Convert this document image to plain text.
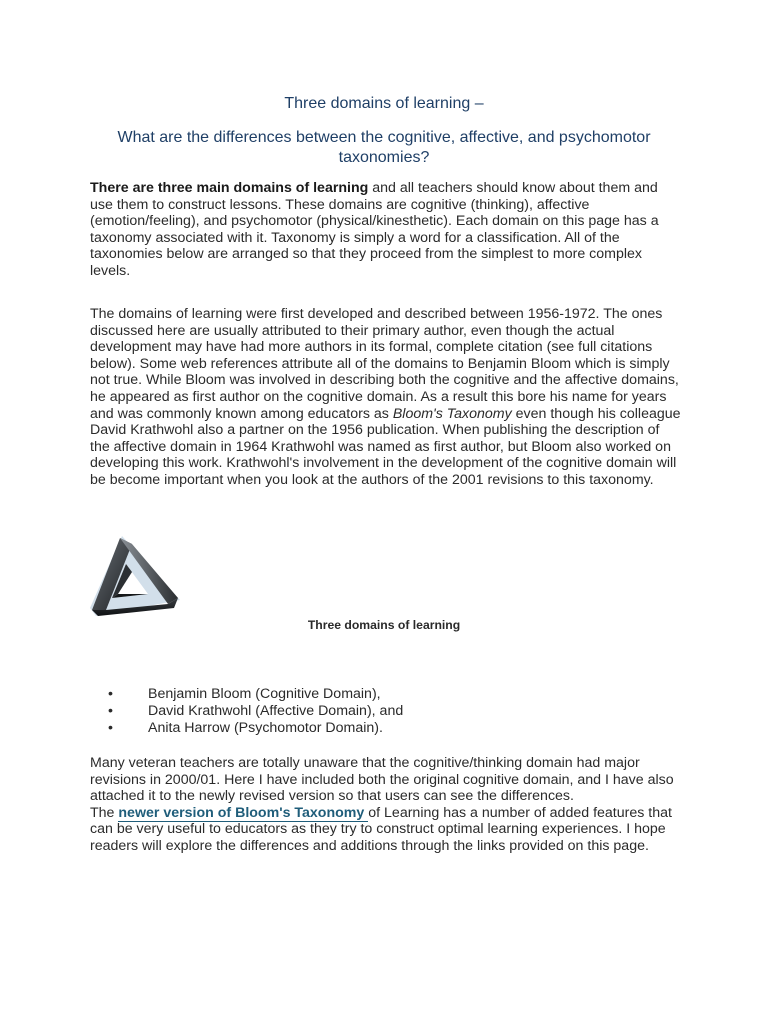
Three domains of learning –
What are the differences between the cognitive, affective, and psychomotor taxonomies?

There are three main domains of learning and all teachers should know about them and use them to construct lessons. These domains are cognitive (thinking), affective (emotion/feeling), and psychomotor (physical/kinesthetic). Each domain on this page has a taxonomy associated with it. Taxonomy is simply a word for a classification. All of the taxonomies below are arranged so that they proceed from the simplest to more complex levels.

The domains of learning were first developed and described between 1956-1972. The ones discussed here are usually attributed to their primary author, even though the actual development may have had more authors in its formal, complete citation (see full citations below). Some web references attribute all of the domains to Benjamin Bloom which is simply not true. While Bloom was involved in describing both the cognitive and the affective domains, he appeared as first author on the cognitive domain. As a result this bore his name for years and was commonly known among educators as Bloom's Taxonomy even though his colleague David Krathwohl also a partner on the 1956 publication. When publishing the description of the affective domain in 1964 Krathwohl was named as first author, but Bloom also worked on developing this work. Krathwohl's involvement in the development of the cognitive domain will be become important when you look at the authors of the 2001 revisions to this taxonomy.

Three domains of learning
• Benjamin Bloom (Cognitive Domain),
• David Krathwohl (Affective Domain), and
• Anita Harrow (Psychomotor Domain).

Many veteran teachers are totally unaware that the cognitive/thinking domain had major revisions in 2000/01. Here I have included both the original cognitive domain, and I have also attached it to the newly revised version so that users can see the differences.
The newer version of Bloom's Taxonomy of Learning has a number of added features that can be very useful to educators as they try to construct optimal learning experiences. I hope readers will explore the differences and additions through the links provided on this page.
